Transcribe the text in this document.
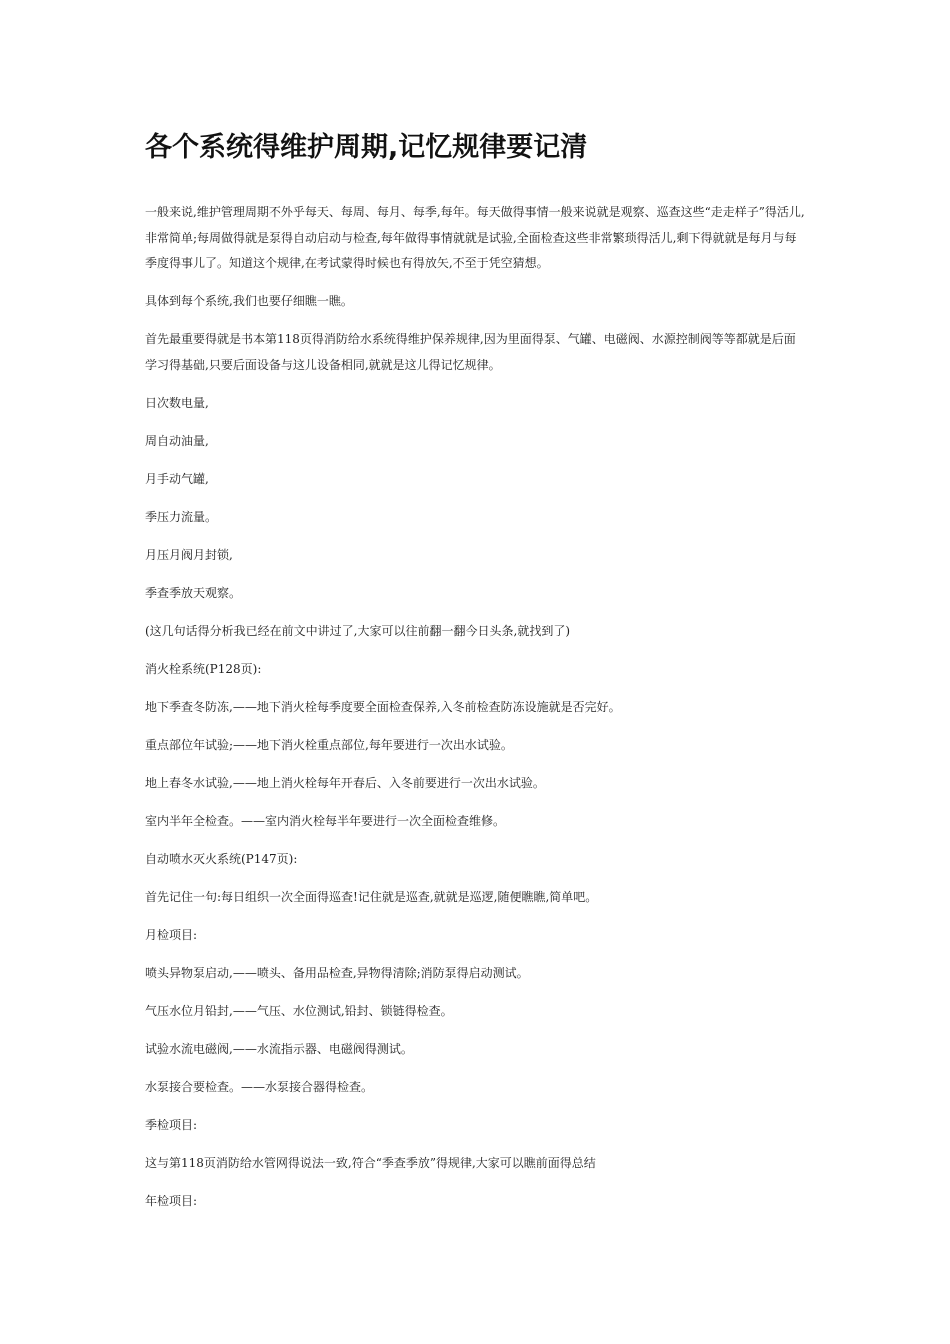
各个系统得维护周期,记忆规律要记清

一般来说,维护管理周期不外乎每天、每周、每月、每季,每年。每天做得事情一般来说就是观察、巡查这些“走走样子”得活儿,非常简单;每周做得就是泵得自动启动与检查,每年做得事情就就是试验,全面检查这些非常繁琐得活儿,剩下得就就是每月与每季度得事儿了。知道这个规律,在考试蒙得时候也有得放矢,不至于凭空猜想。

具体到每个系统,我们也要仔细瞧一瞧。

首先最重要得就是书本第118页得消防给水系统得维护保养规律,因为里面得泵、气罐、电磁阀、水源控制阀等等都就是后面学习得基础,只要后面设备与这儿设备相同,就就是这儿得记忆规律。

日次数电量,

周自动油量,

月手动气罐,

季压力流量。

月压月阀月封锁,

季查季放天观察。

(这几句话得分析我已经在前文中讲过了,大家可以往前翻一翻今日头条,就找到了)

消火栓系统(P128页):

地下季查冬防冻,——地下消火栓每季度要全面检查保养,入冬前检查防冻设施就是否完好。

重点部位年试验;——地下消火栓重点部位,每年要进行一次出水试验。

地上春冬水试验,——地上消火栓每年开春后、入冬前要进行一次出水试验。

室内半年全检查。——室内消火栓每半年要进行一次全面检查维修。

自动喷水灭火系统(P147页):

首先记住一句:每日组织一次全面得巡查!记住就是巡查,就就是巡逻,随便瞧瞧,简单吧。

月检项目:

喷头异物泵启动,——喷头、备用品检查,异物得清除;消防泵得启动测试。

气压水位月铅封,——气压、水位测试,铅封、锁链得检查。

试验水流电磁阀,——水流指示器、电磁阀得测试。

水泵接合要检查。——水泵接合器得检查。

季检项目:

这与第118页消防给水管网得说法一致,符合“季查季放”得规律,大家可以瞧前面得总结

年检项目:
